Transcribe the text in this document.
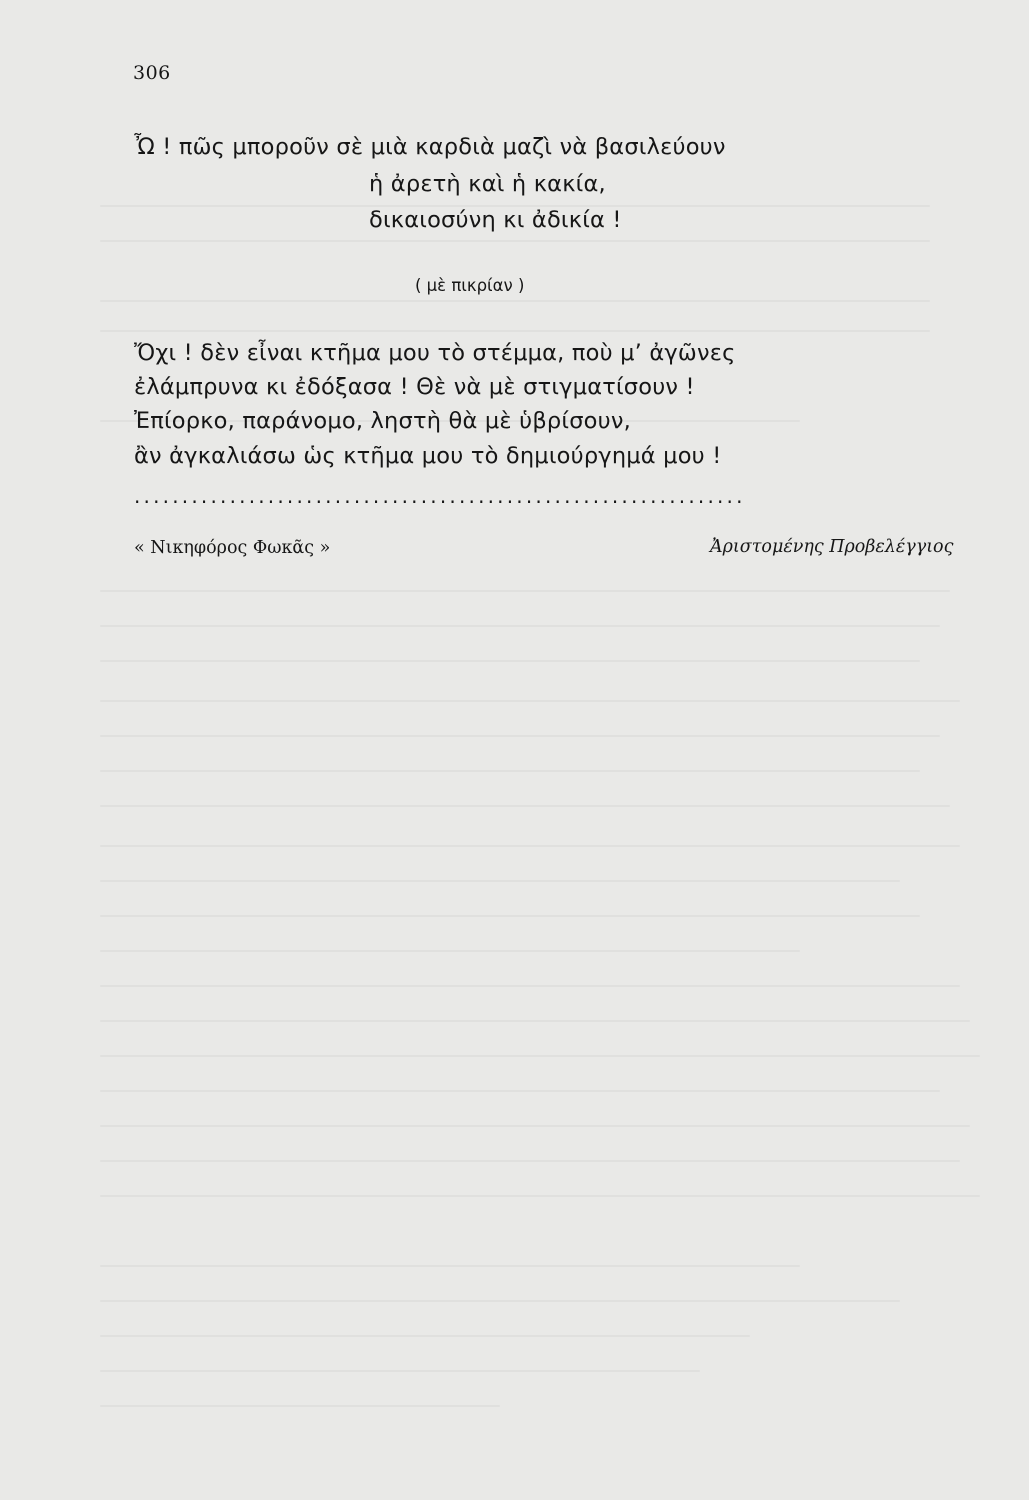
306
Ὦ ! πῶς μποροῦν σὲ μιὰ καρδιὰ μαζὶ νὰ βασιλεύουν
ἡ ἀρετὴ καὶ ἡ κακία,
δικαιοσύνη κι ἀδικία !
( μὲ πικρίαν )
Ὄχι ! δὲν εἶναι κτῆμα μου τὸ στέμμα, ποὺ μ’ ἀγῶνες
ἐλάμπρυνα κι ἐδόξασα ! Θὲ νὰ μὲ στιγματίσουν !
Ἐπίορκο, παράνομο, ληστὴ θὰ μὲ ὑβρίσουν,
ἂν ἀγκαλιάσω ὡς κτῆμα μου τὸ δημιούργημά μου !
................................................................
« Νικηφόρος Φωκᾶς »	Ἀριστομένης Προβελέγγιος
